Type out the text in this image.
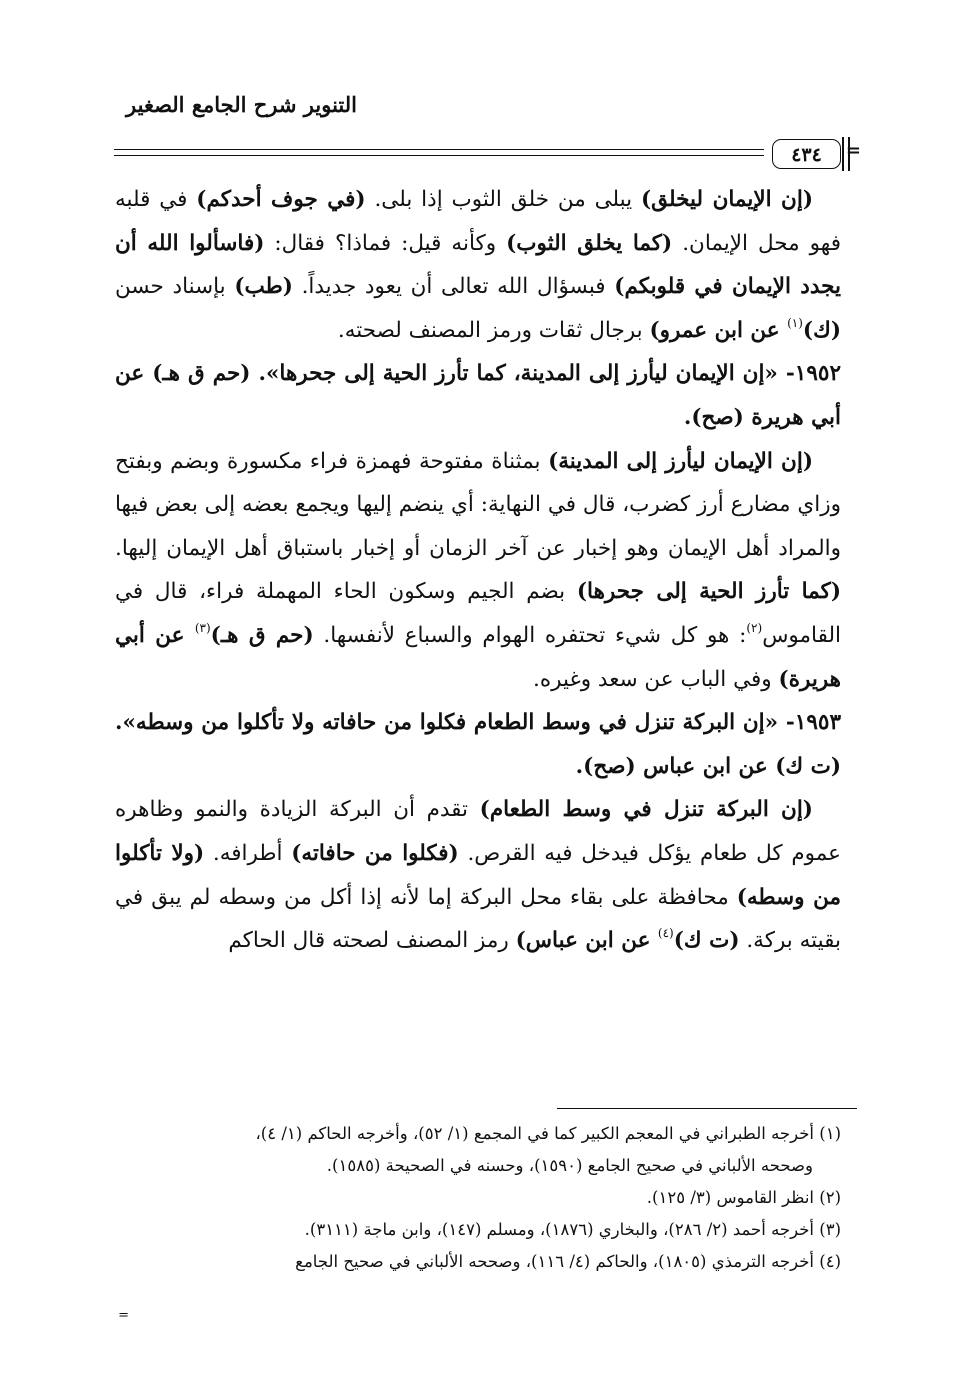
التنوير شرح الجامع الصغير
=
٤٣٤

(إن الإيمان ليخلق) يبلى من خلق الثوب إذا بلى. (في جوف أحدكم) في قلبه فهو محل الإيمان. (كما يخلق الثوب) وكأنه قيل: فماذا؟ فقال: (فاسألوا الله أن يجدد الإيمان في قلوبكم) فبسؤال الله تعالى أن يعود جديداً. (طب) بإسناد حسن (ك)$^{(١)}$ عن ابن عمرو) برجال ثقات ورمز المصنف لصحته.

١٩٥٢- «إن الإيمان ليأرز إلى المدينة، كما تأرز الحية إلى جحرها». (حم ق هـ) عن أبي هريرة (صح).

(إن الإيمان ليأرز إلى المدينة) بمثناة مفتوحة فهمزة فراء مكسورة وبضم وبفتح وزاي مضارع أرز كضرب، قال في النهاية: أي ينضم إليها ويجمع بعضه إلى بعض فيها والمراد أهل الإيمان وهو إخبار عن آخر الزمان أو إخبار باستباق أهل الإيمان إليها. (كما تأرز الحية إلى جحرها) بضم الجيم وسكون الحاء المهملة فراء، قال في القاموس$^{(٢)}$: هو كل شيء تحتفره الهوام والسباع لأنفسها. (حم ق هـ)$^{(٣)}$ عن أبي هريرة) وفي الباب عن سعد وغيره.

١٩٥٣- «إن البركة تنزل في وسط الطعام فكلوا من حافاته ولا تأكلوا من وسطه». (ت ك) عن ابن عباس (صح).

(إن البركة تنزل في وسط الطعام) تقدم أن البركة الزيادة والنمو وظاهره عموم كل طعام يؤكل فيدخل فيه القرص. (فكلوا من حافاته) أطرافه. (ولا تأكلوا من وسطه) محافظة على بقاء محل البركة إما لأنه إذا أكل من وسطه لم يبق في بقيته بركة. (ت ك)$^{(٤)}$ عن ابن عباس) رمز المصنف لصحته قال الحاكم

(١) أخرجه الطبراني في المعجم الكبير كما في المجمع (١/ ٥٢)، وأخرجه الحاكم (١/ ٤)،

وصححه الألباني في صحيح الجامع (١٥٩٠)، وحسنه في الصحيحة (١٥٨٥).

(٢) انظر القاموس (٣/ ١٢٥).

(٣) أخرجه أحمد (٢/ ٢٨٦)، والبخاري (١٨٧٦)، ومسلم (١٤٧)، وابن ماجة (٣١١١).

(٤) أخرجه الترمذي (١٨٠٥)، والحاكم (٤/ ١١٦)، وصححه الألباني في صحيح الجامع

=
